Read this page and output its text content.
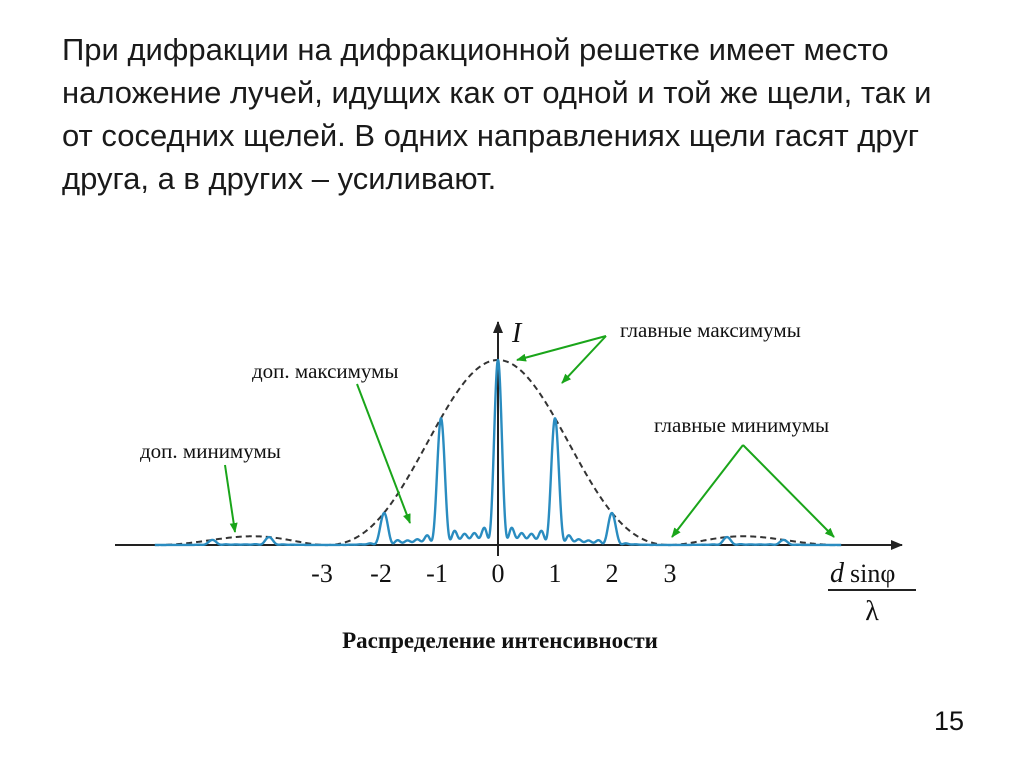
При дифракции на дифракционной решетке имеет место
наложение лучей, идущих как от одной и той же щели, так и
от соседних щелей. В одних направлениях щели гасят друг
друга, а в других – усиливают.
-3 -2 -1 0 1 2 3
I
d sinφ
λ
главные максимумы
доп. максимумы
доп. минимумы
главные минимумы
Распределение интенсивности
15
